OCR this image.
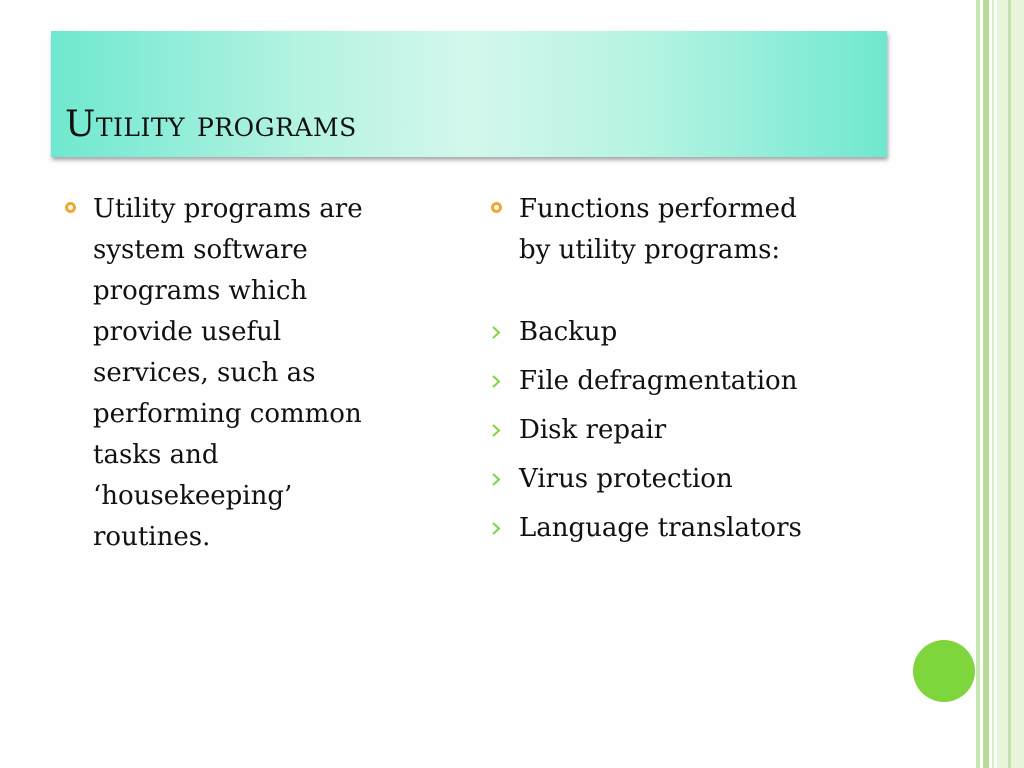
Utility programs
Utility programs are
system software
programs which
provide useful
services, such as
performing common
tasks and
‘housekeeping’
routines.
Functions performed
by utility programs:
Backup
File defragmentation
Disk repair
Virus protection
Language translators
